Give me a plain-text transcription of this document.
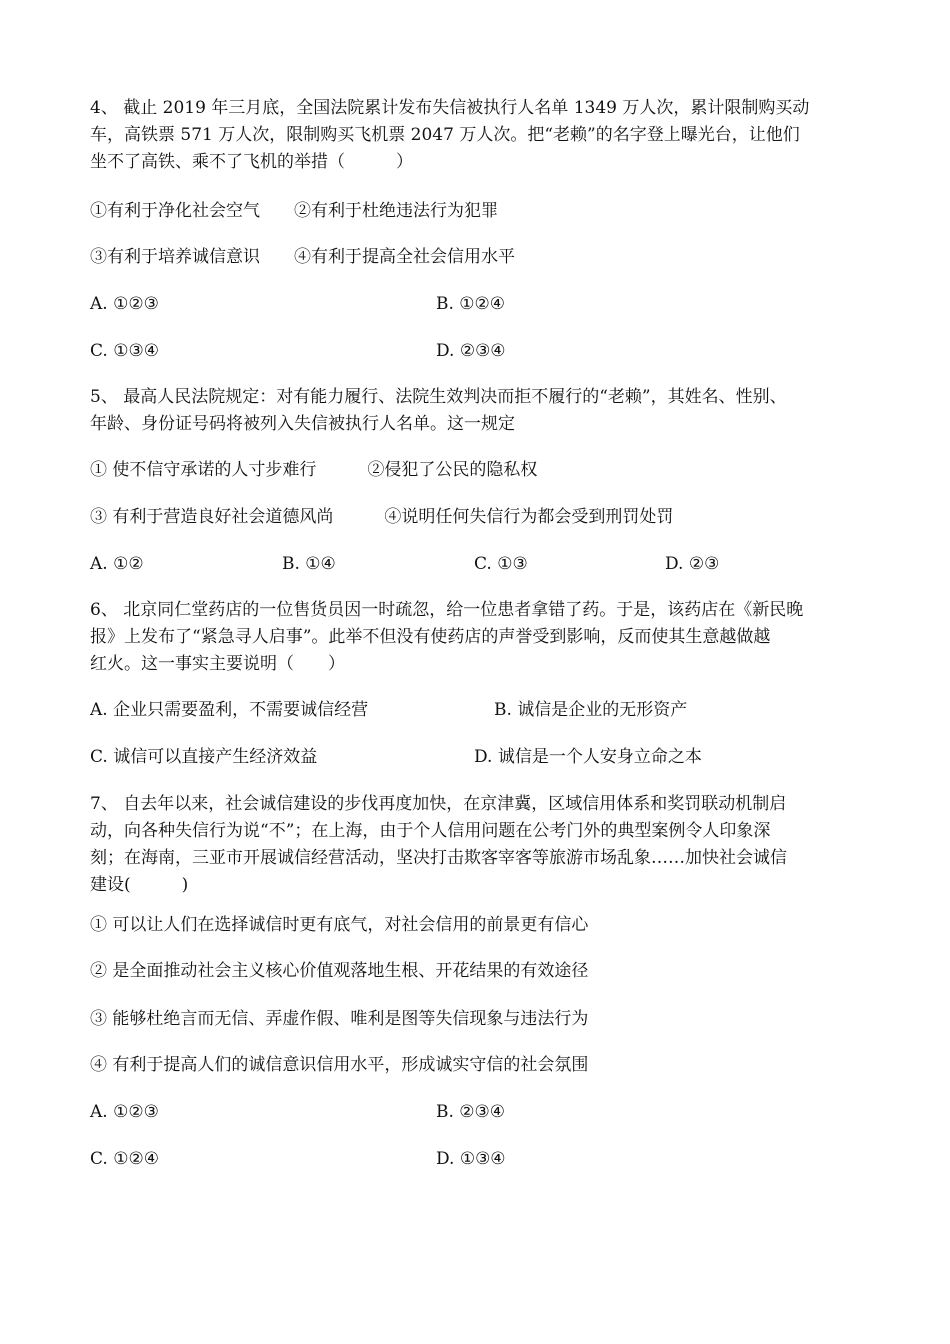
4、 截止 2019 年三月底，全国法院累计发布失信被执行人名单 1349 万人次，累计限制购买动
车，高铁票 571 万人次，限制购买飞机票 2047 万人次。把“老赖”的名字登上曝光台，让他们
坐不了高铁、乘不了飞机的举措（　　　）
①有利于净化社会空气　　②有利于杜绝违法行为犯罪
③有利于培养诚信意识　　④有利于提高全社会信用水平
A. ①②③	B. ①②④
C. ①③④	D. ②③④
5、 最高人民法院规定：对有能力履行、法院生效判决而拒不履行的“老赖”，其姓名、性别、
年龄、身份证号码将被列入失信被执行人名单。这一规定
① 使不信守承诺的人寸步难行　　　②侵犯了公民的隐私权
③ 有利于营造良好社会道德风尚　　　④说明任何失信行为都会受到刑罚处罚
A. ①②	B. ①④	C. ①③	D. ②③
6、 北京同仁堂药店的一位售货员因一时疏忽，给一位患者拿错了药。于是，该药店在《新民晚
报》上发布了“紧急寻人启事”。此举不但没有使药店的声誉受到影响，反而使其生意越做越
红火。这一事实主要说明（　　）
A. 企业只需要盈利，不需要诚信经营	B. 诚信是企业的无形资产
C. 诚信可以直接产生经济效益	D. 诚信是一个人安身立命之本
7、 自去年以来，社会诚信建设的步伐再度加快，在京津冀，区域信用体系和奖罚联动机制启
动，向各种失信行为说“不”；在上海，由于个人信用问题在公考门外的典型案例令人印象深
刻；在海南，三亚市开展诚信经营活动，坚决打击欺客宰客等旅游市场乱象……加快社会诚信
建设(　　　)
① 可以让人们在选择诚信时更有底气，对社会信用的前景更有信心
② 是全面推动社会主义核心价值观落地生根、开花结果的有效途径
③ 能够杜绝言而无信、弄虚作假、唯利是图等失信现象与违法行为
④ 有利于提高人们的诚信意识信用水平，形成诚实守信的社会氛围
A. ①②③	B. ②③④
C. ①②④	D. ①③④
